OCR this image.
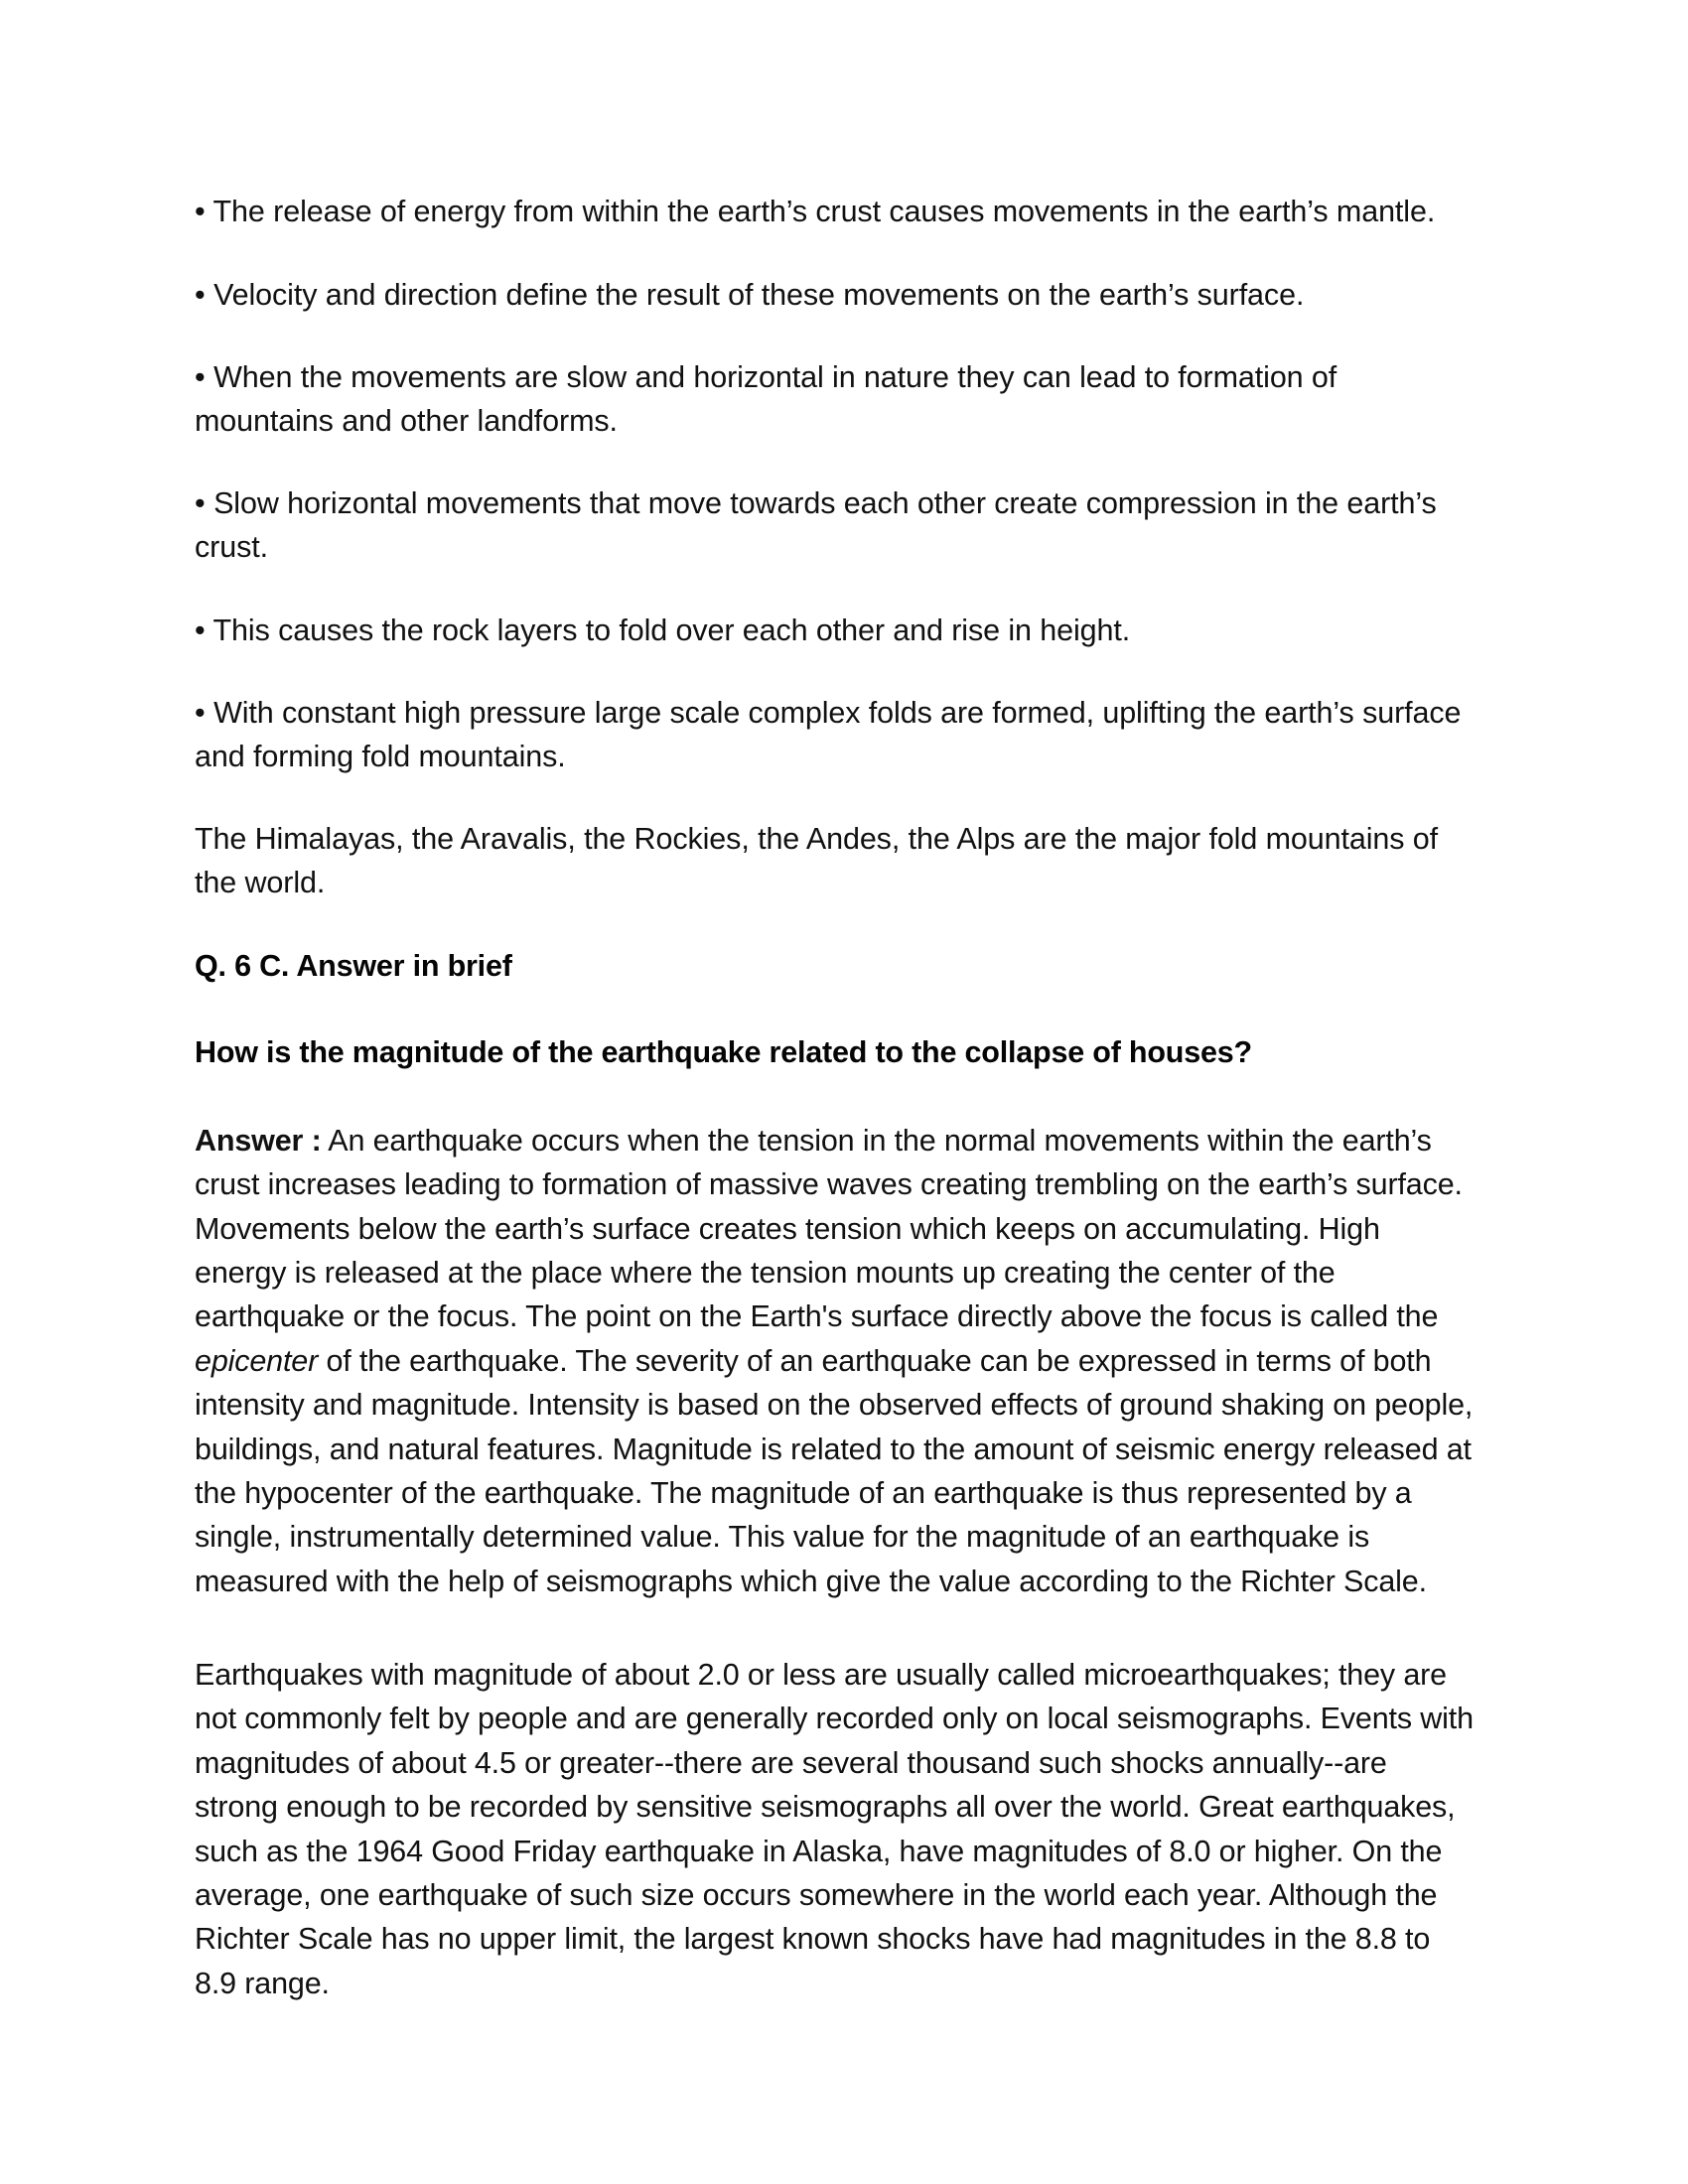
• The release of energy from within the earth’s crust causes movements in the earth’s mantle.

• Velocity and direction define the result of these movements on the earth’s surface.

• When the movements are slow and horizontal in nature they can lead to formation of mountains and other landforms.

• Slow horizontal movements that move towards each other create compression in the earth’s crust.

• This causes the rock layers to fold over each other and rise in height.

• With constant high pressure large scale complex folds are formed, uplifting the earth’s surface and forming fold mountains.

The Himalayas, the Aravalis, the Rockies, the Andes, the Alps are the major fold mountains of the world.

Q. 6 C. Answer in brief

How is the magnitude of the earthquake related to the collapse of houses?

Answer : An earthquake occurs when the tension in the normal movements within the earth’s crust increases leading to formation of massive waves creating trembling on the earth’s surface. Movements below the earth’s surface creates tension which keeps on accumulating. High energy is released at the place where the tension mounts up creating the center of the earthquake or the focus. The point on the Earth's surface directly above the focus is called the epicenter of the earthquake. The severity of an earthquake can be expressed in terms of both intensity and magnitude. Intensity is based on the observed effects of ground shaking on people, buildings, and natural features. Magnitude is related to the amount of seismic energy released at the hypocenter of the earthquake. The magnitude of an earthquake is thus represented by a single, instrumentally determined value. This value for the magnitude of an earthquake is measured with the help of seismographs which give the value according to the Richter Scale.

Earthquakes with magnitude of about 2.0 or less are usually called microearthquakes; they are not commonly felt by people and are generally recorded only on local seismographs. Events with magnitudes of about 4.5 or greater--there are several thousand such shocks annually--are strong enough to be recorded by sensitive seismographs all over the world. Great earthquakes, such as the 1964 Good Friday earthquake in Alaska, have magnitudes of 8.0 or higher. On the average, one earthquake of such size occurs somewhere in the world each year. Although the Richter Scale has no upper limit, the largest known shocks have had magnitudes in the 8.8 to 8.9 range.
